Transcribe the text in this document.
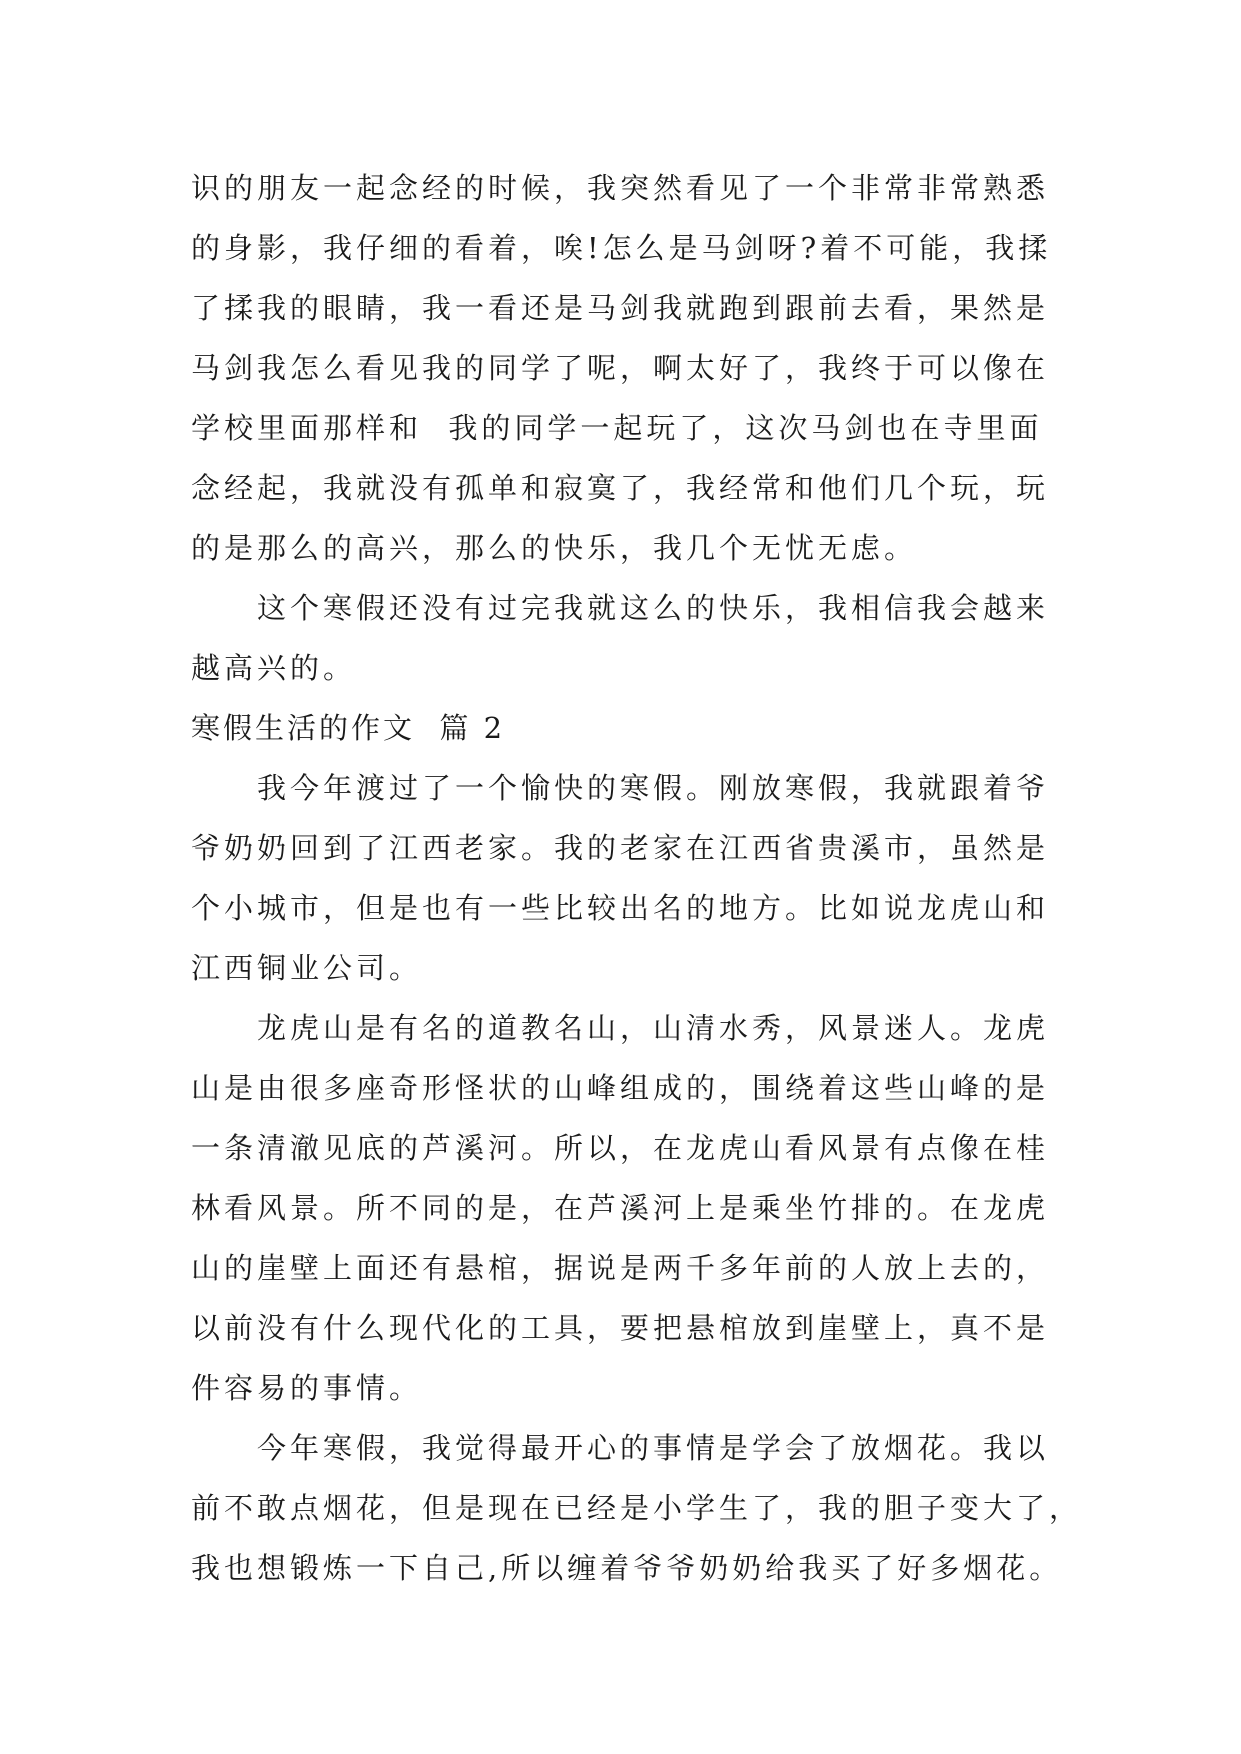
识的朋友一起念经的时候，我突然看见了一个非常非常熟悉
的身影，我仔细的看着，唉!怎么是马剑呀?着不可能，我揉
了揉我的眼睛，我一看还是马剑我就跑到跟前去看，果然是
马剑我怎么看见我的同学了呢，啊太好了，我终于可以像在
学校里面那样和  我的同学一起玩了，这次马剑也在寺里面
念经起，我就没有孤单和寂寞了，我经常和他们几个玩，玩
的是那么的高兴，那么的快乐，我几个无忧无虑。
这个寒假还没有过完我就这么的快乐，我相信我会越来
越高兴的。
寒假生活的作文  篇 2
我今年渡过了一个愉快的寒假。刚放寒假，我就跟着爷
爷奶奶回到了江西老家。我的老家在江西省贵溪市，虽然是
个小城市，但是也有一些比较出名的地方。比如说龙虎山和
江西铜业公司。
龙虎山是有名的道教名山，山清水秀，风景迷人。龙虎
山是由很多座奇形怪状的山峰组成的，围绕着这些山峰的是
一条清澈见底的芦溪河。所以，在龙虎山看风景有点像在桂
林看风景。所不同的是，在芦溪河上是乘坐竹排的。在龙虎
山的崖壁上面还有悬棺，据说是两千多年前的人放上去的，
以前没有什么现代化的工具，要把悬棺放到崖壁上，真不是
件容易的事情。
今年寒假，我觉得最开心的事情是学会了放烟花。我以
前不敢点烟花，但是现在已经是小学生了，我的胆子变大了，
我也想锻炼一下自己,所以缠着爷爷奶奶给我买了好多烟花。
